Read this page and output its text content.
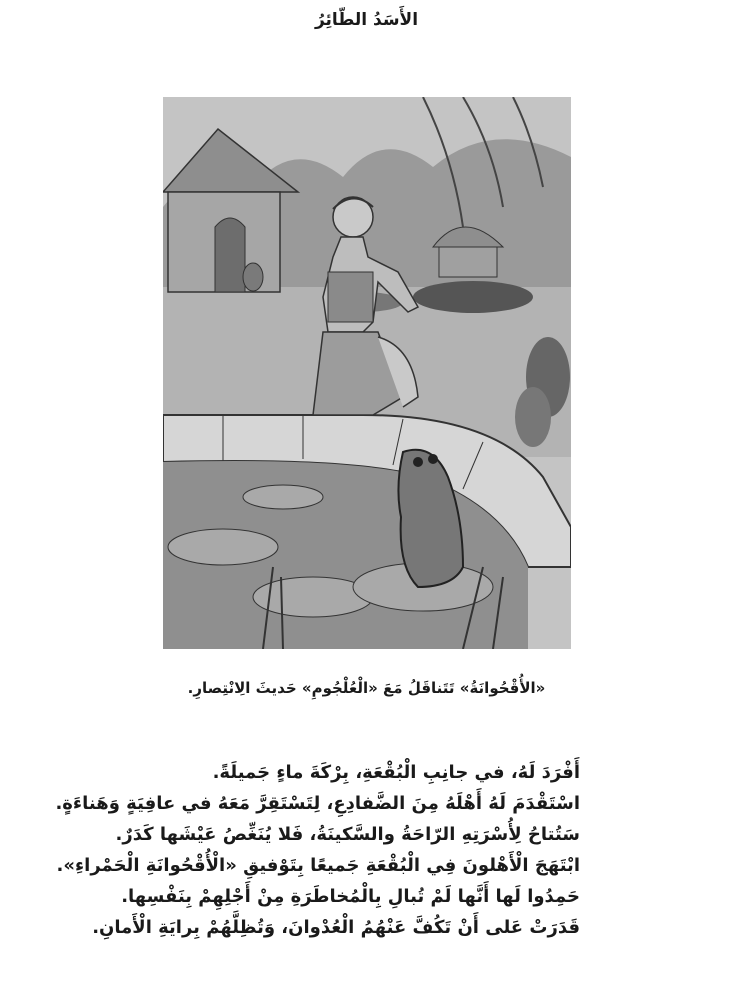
الأَسَدُ الطّائِرُ
«الأُقْحُوانَةُ» تَتَناقَلُ مَعَ «الْعُلْجُومِ» حَديثَ الِانْتِصارِ.
أَفْرَدَ لَهُ، في جانِبِ الْبُقْعَةِ، بِرْكَةَ ماءٍ جَميلَةً.
اسْتَقْدَمَ لَهُ أَهْلَهُ مِنَ الضَّفادِعِ، لِتَسْتَقِرَّ مَعَهُ في عافِيَةٍ وَهَناءَةٍ.
سَتُتاحُ لِأُسْرَتِهِ الرّاحَةُ والسَّكينَةُ، فَلا يُنَغِّصُ عَيْشَها كَدَرٌ.
ابْتَهَجَ الْأَهْلونَ فِي الْبُقْعَةِ جَميعًا بِتَوْفيقِ «الْأُقْحُوانَةِ الْحَمْراءِ».
حَمِدُوا لَها أَنَّها لَمْ تُبالِ بِالْمُخاطَرَةِ مِنْ أَجْلِهِمْ بِنَفْسِها.
قَدَرَتْ عَلى أَنْ تَكُفَّ عَنْهُمُ الْعُدْوانَ، وَتُظِلَّهُمْ بِرايَةِ الْأَمانِ.
